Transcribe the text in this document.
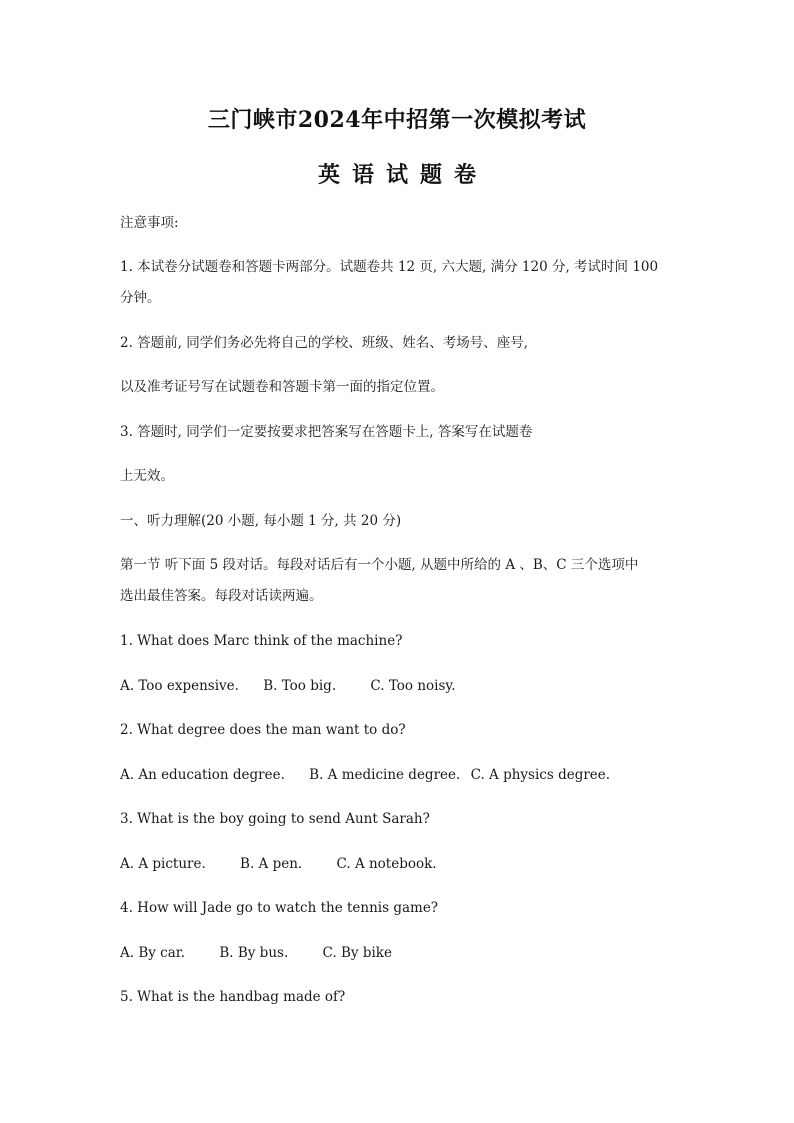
三门峡市2024年中招第一次模拟考试
英语试题卷
注意事项:
1. 本试卷分试题卷和答题卡两部分。试题卷共 12 页, 六大题, 满分 120 分, 考试时间 100
分钟。
2. 答题前, 同学们务必先将自己的学校、班级、姓名、考场号、座号,
以及准考证号写在试题卷和答题卡第一面的指定位置。
3. 答题时, 同学们一定要按要求把答案写在答题卡上, 答案写在试题卷
上无效。
一、听力理解(20 小题, 每小题 1 分, 共 20 分)
第一节 听下面 5 段对话。每段对话后有一个小题, 从题中所给的 A 、B、C 三个选项中
选出最佳答案。每段对话读两遍。
1. What does Marc think of the machine?
A. Too expensive. B. Too big.	C. Too noisy.
2. What degree does the man want to do?
A. An education degree. B. A medicine degree. C. A physics degree.
3. What is the boy going to send Aunt Sarah?
A. A picture.	B. A pen.	C. A notebook.
4. How will Jade go to watch the tennis game?
A. By car.	B. By bus.	C. By bike
5. What is the handbag made of?
